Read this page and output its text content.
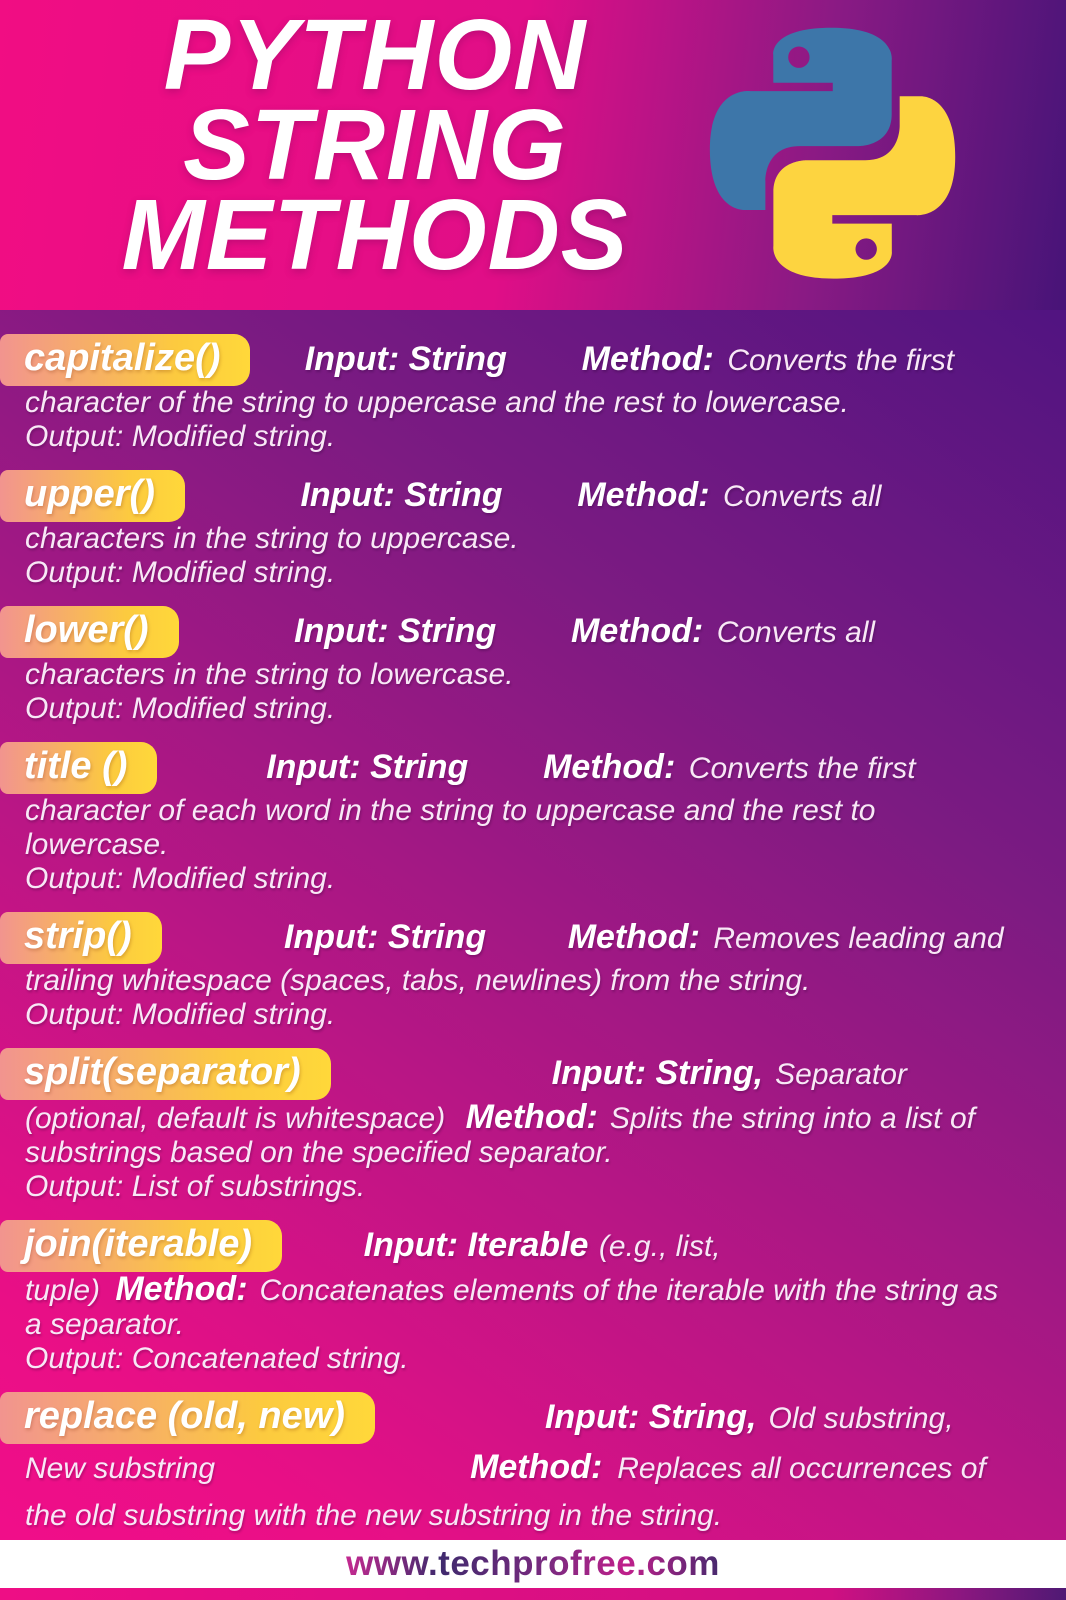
PYTHON
STRING
METHODS
capitalize() Input: String Method: Converts the first character of the string to uppercase and the rest to lowercase.
Output: Modified string.
upper()	Input: String Method: Converts all characters in the string to uppercase.
Output: Modified string.
lower()	Input: String Method: Converts all characters in the string to lowercase.
Output: Modified string.
title ()	Input: String Method: Converts the first character of each word in the string to uppercase and the rest to lowercase.
Output: Modified string.
strip()	Input: String Method: Removes leading and trailing whitespace (spaces, tabs, newlines) from the string.
Output: Modified string.
split(separator)	Input: String, Separator (optional, default is whitespace) Method: Splits the string into a list of substrings based on the specified separator.
Output: List of substrings.
join(iterable)	Input: Iterable (e.g., list, tuple) Method: Concatenates elements of the iterable with the string as a separator.
Output: Concatenated string.
replace (old, new)	Input: String, Old substring, New substring	Method: Replaces all occurrences of the old substring with the new substring in the string.
www.techprofree.com
